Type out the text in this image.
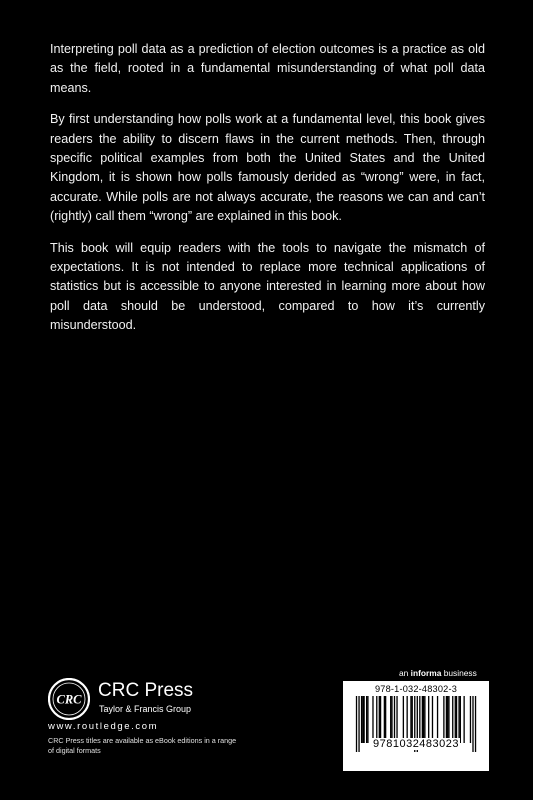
Interpreting poll data as a prediction of election outcomes is a practice as old as the field, rooted in a fundamental misunderstanding of what poll data means.

By first understanding how polls work at a fundamental level, this book gives readers the ability to discern flaws in the current methods. Then, through specific political examples from both the United States and the United Kingdom, it is shown how polls famously derided as “wrong” were, in fact, accurate. While polls are not always accurate, the reasons we can and can’t (rightly) call them “wrong” are explained in this book.

This book will equip readers with the tools to navigate the mismatch of expectations. It is not intended to replace more technical applications of statistics but is accessible to anyone interested in learning more about how poll data should be understood, compared to how it’s currently misunderstood.

an informa business
CRC CRC Press
Taylor & Francis Group
www.routledge.com
CRC Press titles are available as eBook editions in a range of digital formats
978-1-032-48302-3
9781032483023
